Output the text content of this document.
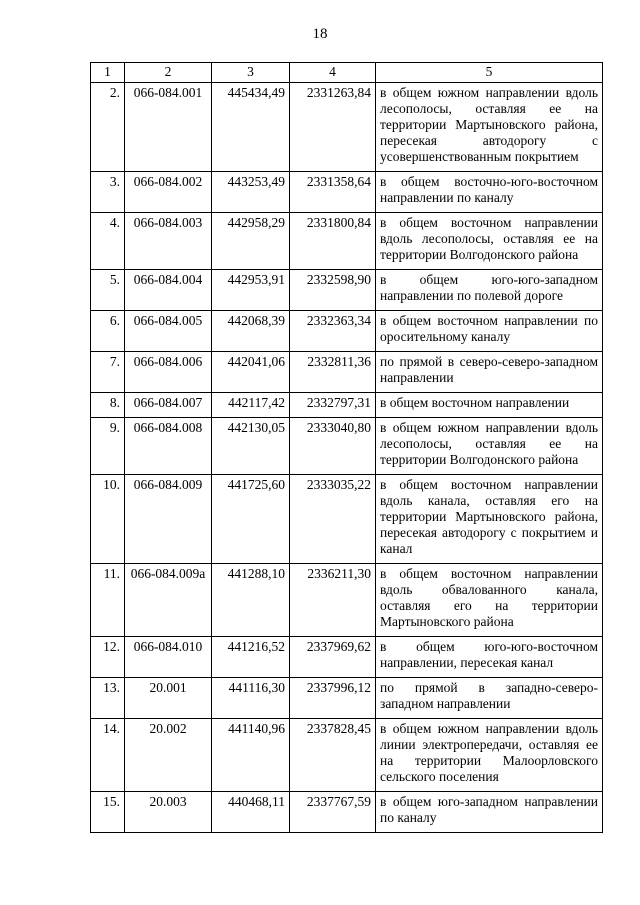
18
1	2	3	4	5
2.	066-084.001	445434,49	2331263,84	в общем южном направлении вдоль лесополосы, оставляя ее на территории Мартыновского района, пересекая автодорогу с усовершенствованным покрытием
3.	066-084.002	443253,49	2331358,64	в общем восточно-юго-восточном направлении по каналу
4.	066-084.003	442958,29	2331800,84	в общем восточном направлении вдоль лесополосы, оставляя ее на территории Волгодонского района
5.	066-084.004	442953,91	2332598,90	в общем юго-юго-западном направлении по полевой дороге
6.	066-084.005	442068,39	2332363,34	в общем восточном направлении по оросительному каналу
7.	066-084.006	442041,06	2332811,36	по прямой в северо-северо-западном направлении
8.	066-084.007	442117,42	2332797,31	в общем восточном направлении
9.	066-084.008	442130,05	2333040,80	в общем южном направлении вдоль лесополосы, оставляя ее на территории Волгодонского района
10.	066-084.009	441725,60	2333035,22	в общем восточном направлении вдоль канала, оставляя его на территории Мартыновского района, пересекая автодорогу с покрытием и канал
11.	066-084.009а	441288,10	2336211,30	в общем восточном направлении вдоль обвалованного канала, оставляя его на территории Мартыновского района
12.	066-084.010	441216,52	2337969,62	в общем юго-юго-восточном направлении, пересекая канал
13.	20.001	441116,30	2337996,12	по прямой в западно-северо-западном направлении
14.	20.002	441140,96	2337828,45	в общем южном направлении вдоль линии электропередачи, оставляя ее на территории Малоорловского сельского поселения
15.	20.003	440468,11	2337767,59	в общем юго-западном направлении по каналу
